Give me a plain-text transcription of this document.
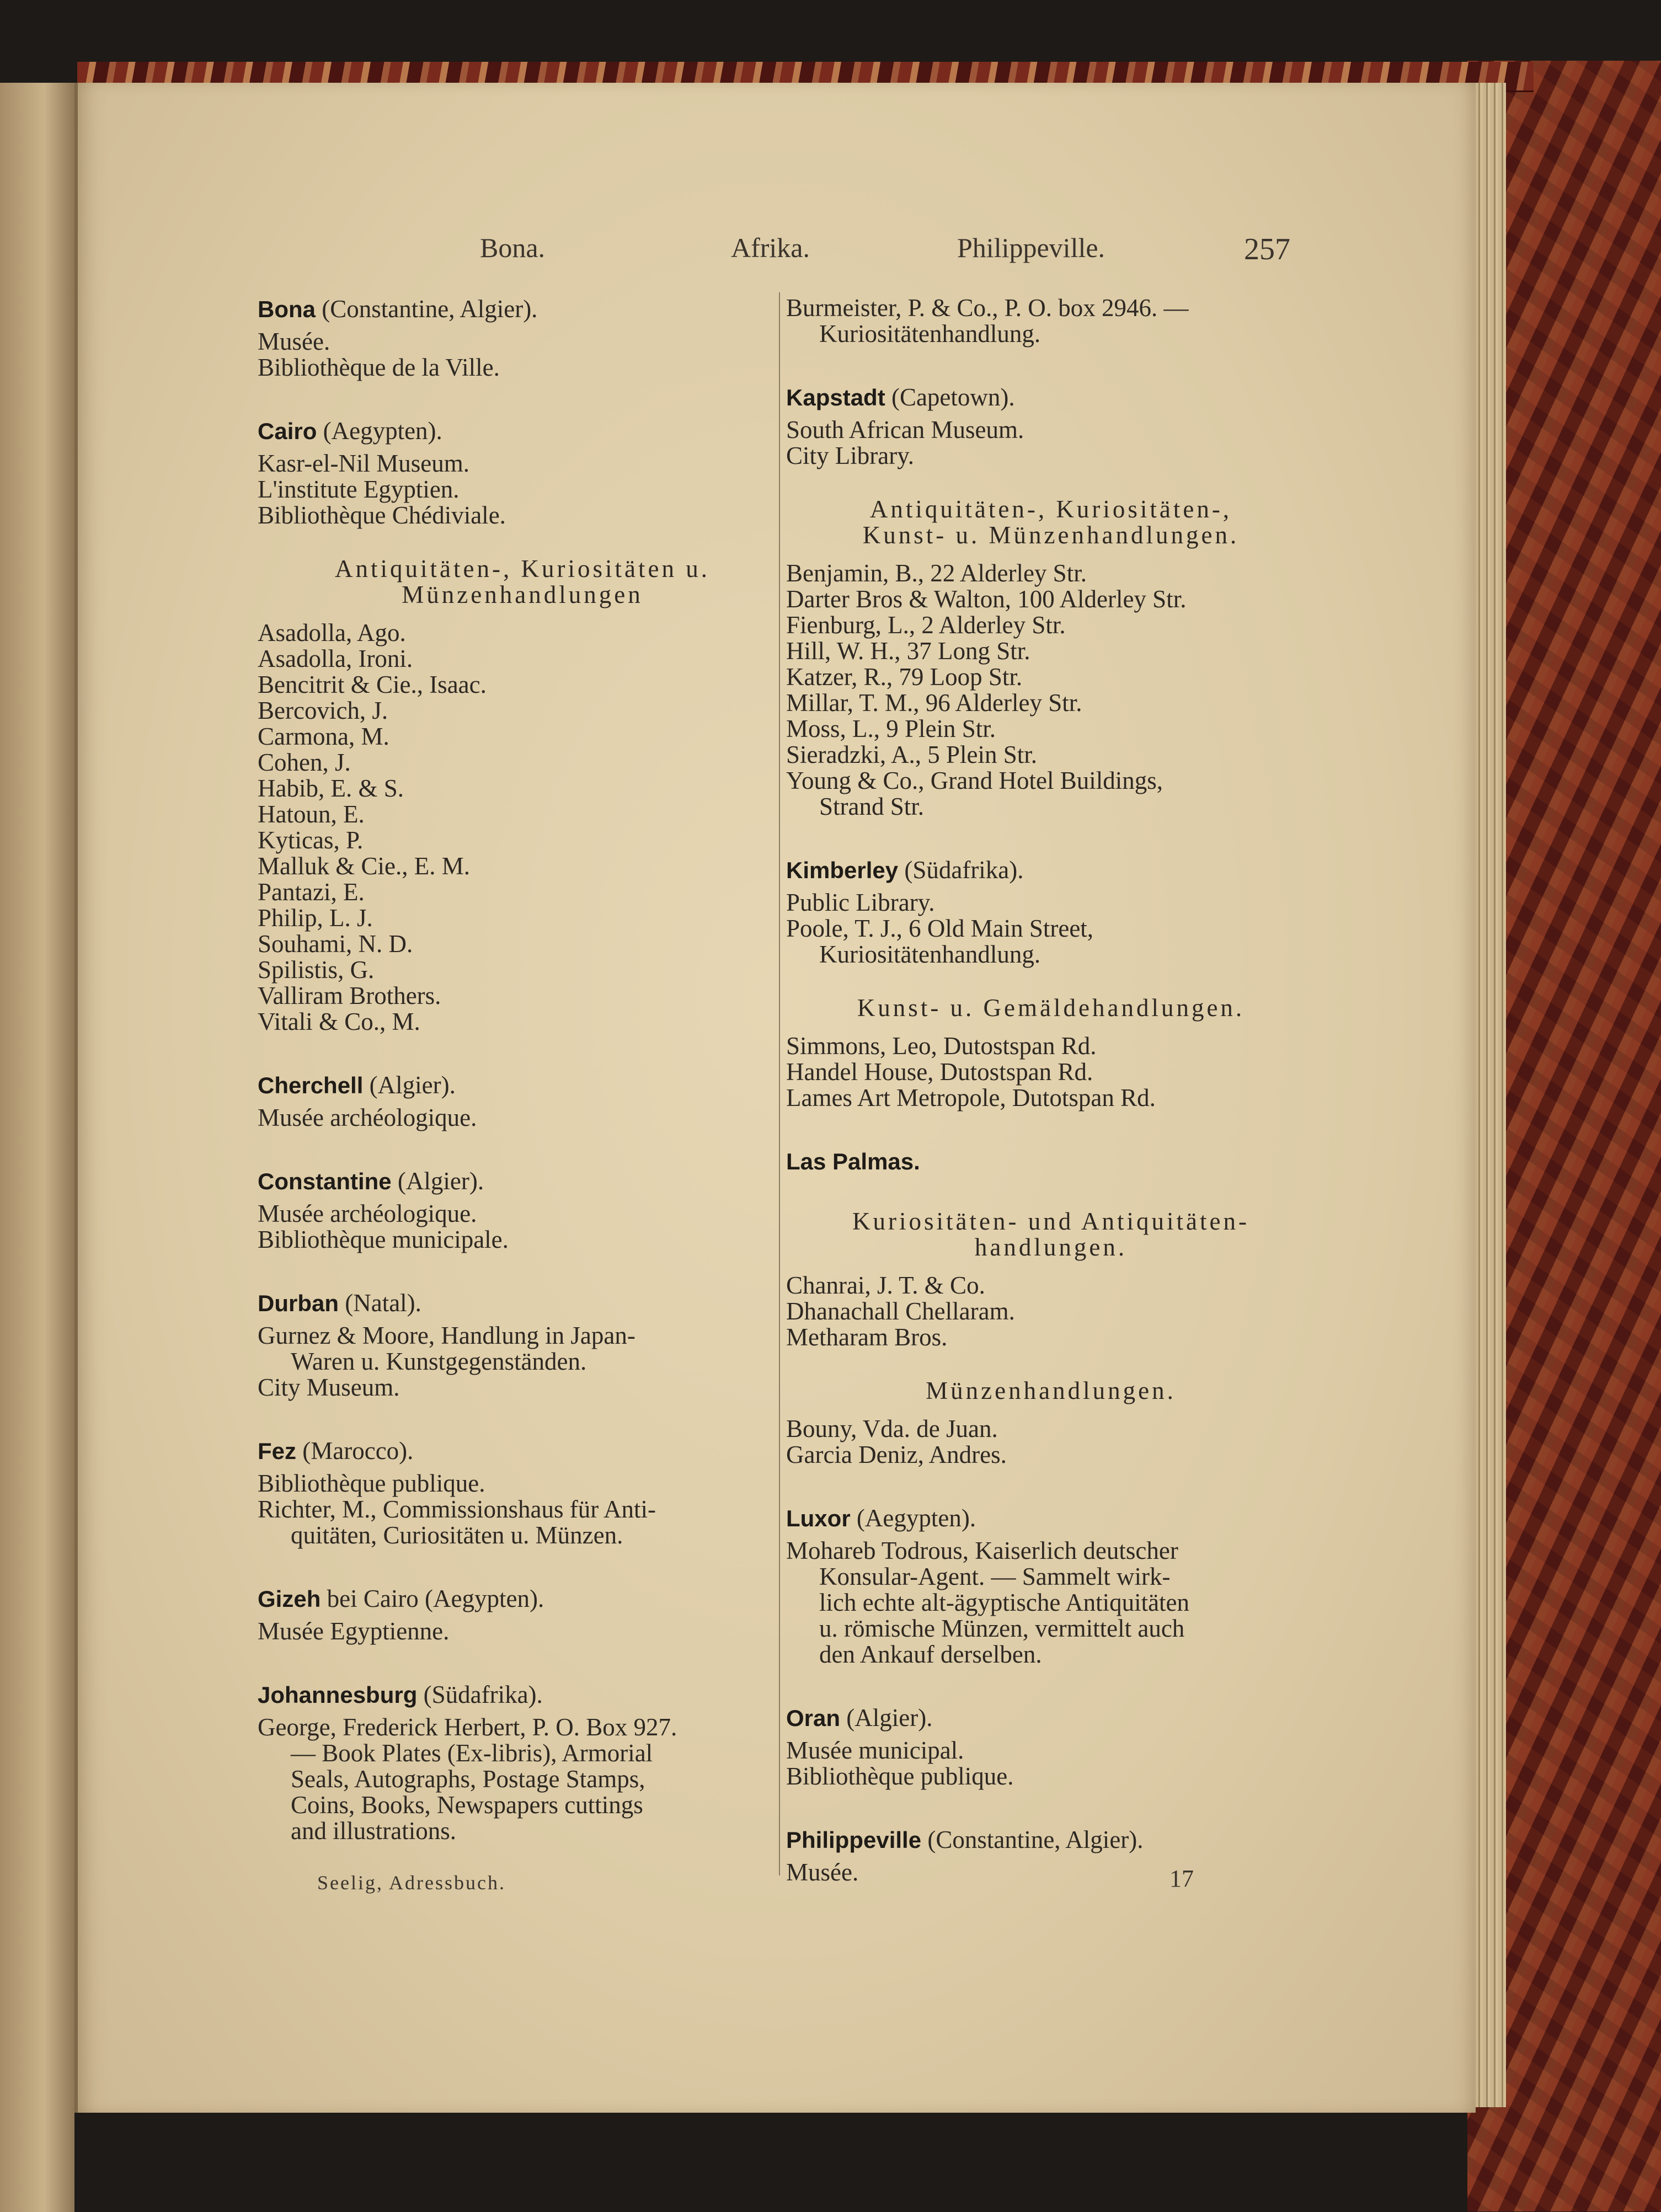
Bona.	Afrika.	Philippeville.	257

Bona (Constantine, Algier).

Musée.

Bibliothèque de la Ville.

Cairo (Aegypten).

Kasr-el-Nil Museum.

L'institute Egyptien.

Bibliothèque Chédiviale.

Antiquitäten-, Kuriositäten u.

Münzenhandlungen

Asadolla, Ago.

Asadolla, Ironi.

Bencitrit & Cie., Isaac.

Bercovich, J.

Carmona, M.

Cohen, J.

Habib, E. & S.

Hatoun, E.

Kyticas, P.

Malluk & Cie., E. M.

Pantazi, E.

Philip, L. J.

Souhami, N. D.

Spilistis, G.

Valliram Brothers.

Vitali & Co., M.

Cherchell (Algier).

Musée archéologique.

Constantine (Algier).

Musée archéologique.

Bibliothèque municipale.

Durban (Natal).

Gurnez & Moore, Handlung in Japan-

Waren u. Kunstgegenständen.

City Museum.

Fez (Marocco).

Bibliothèque publique.

Richter, M., Commissionshaus für Anti-

quitäten, Curiositäten u. Münzen.

Gizeh bei Cairo (Aegypten).

Musée Egyptienne.

Johannesburg (Südafrika).

George, Frederick Herbert, P. O. Box 927.

— Book Plates (Ex-libris), Armorial

Seals, Autographs, Postage Stamps,

Coins, Books, Newspapers cuttings

and illustrations.

Burmeister, P. & Co., P. O. box 2946. —

Kuriositätenhandlung.

Kapstadt (Capetown).

South African Museum.

City Library.

Antiquitäten-, Kuriositäten-,

Kunst- u. Münzenhandlungen.

Benjamin, B., 22 Alderley Str.

Darter Bros & Walton, 100 Alderley Str.

Fienburg, L., 2 Alderley Str.

Hill, W. H., 37 Long Str.

Katzer, R., 79 Loop Str.

Millar, T. M., 96 Alderley Str.

Moss, L., 9 Plein Str.

Sieradzki, A., 5 Plein Str.

Young & Co., Grand Hotel Buildings,

Strand Str.

Kimberley (Südafrika).

Public Library.

Poole, T. J., 6 Old Main Street,

Kuriositätenhandlung.

Kunst- u. Gemäldehandlungen.

Simmons, Leo, Dutostspan Rd.

Handel House, Dutostspan Rd.

Lames Art Metropole, Dutotspan Rd.

Las Palmas.

Kuriositäten- und Antiquitäten-

handlungen.

Chanrai, J. T. & Co.

Dhanachall Chellaram.

Metharam Bros.

Münzenhandlungen.

Bouny, Vda. de Juan.

Garcia Deniz, Andres.

Luxor (Aegypten).

Mohareb Todrous, Kaiserlich deutscher

Konsular-Agent. — Sammelt wirk-

lich echte alt-ägyptische Antiquitäten

u. römische Münzen, vermittelt auch

den Ankauf derselben.

Oran (Algier).

Musée municipal.

Bibliothèque publique.

Philippeville (Constantine, Algier).

Musée.

Seelig, Adressbuch.	17
